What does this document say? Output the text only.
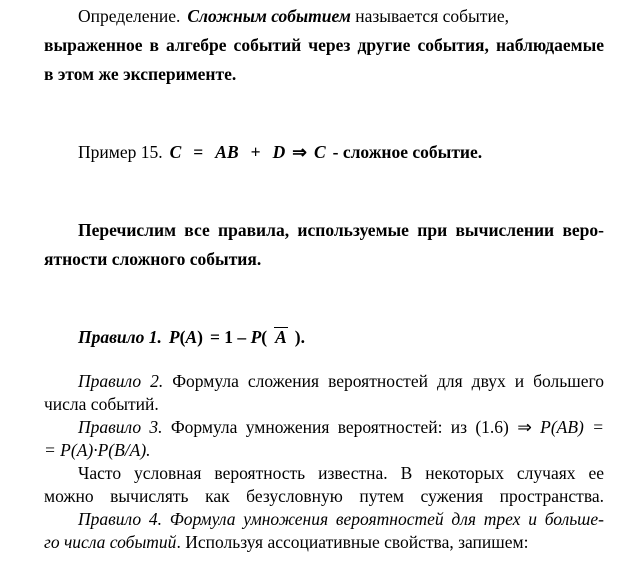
Определение. Сложным событием называется событие,
выраженное в алгебре событий через другие события, наблюдаемые
в этом же эксперименте.
Пример 15. C = AB + D ⇒ C - сложное событие.
Перечислим все правила, используемые при вычислении веро-
ятности сложного события.
Правило 1. P(A) = 1 – P( A ).
Правило 2. Формула сложения вероятностей для двух и большего
числа событий.
Правило 3. Формула умножения вероятностей: из (1.6) ⇒ P(AB) =
= P(A)·P(B/A).
Часто условная вероятность известна. В некоторых случаях ее
можно вычислять как безусловную путем сужения пространства.
Правило 4. Формула умножения вероятностей для трех и больше-
го числа событий. Используя ассоциативные свойства, запишем:
